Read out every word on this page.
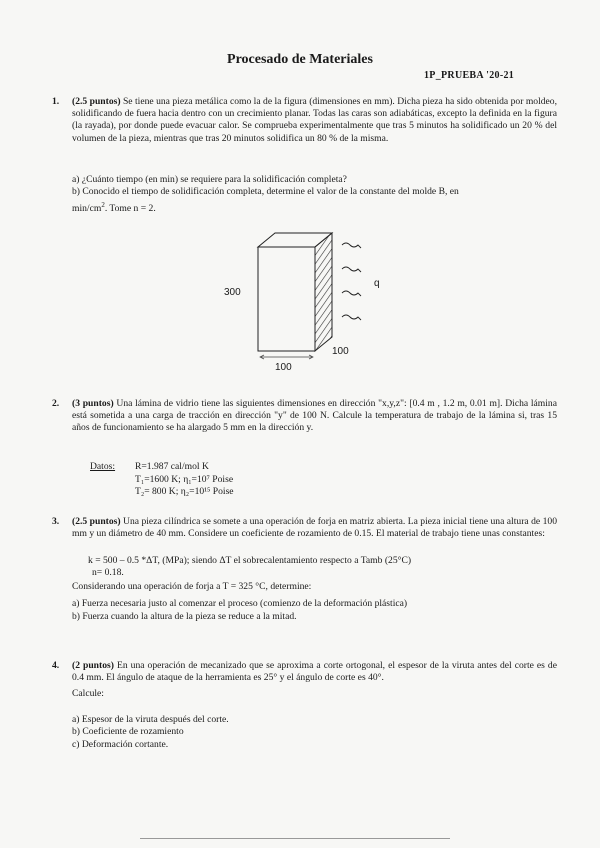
Procesado de Materiales
1P_PRUEBA '20-21
1. (2.5 puntos) Se tiene una pieza metálica como la de la figura (dimensiones en mm). Dicha pieza ha sido obtenida por moldeo, solidificando de fuera hacia dentro con un crecimiento planar. Todas las caras son adiabáticas, excepto la definida en la figura (la rayada), por donde puede evacuar calor. Se comprueba experimentalmente que tras 5 minutos ha solidificado un 20 % del volumen de la pieza, mientras que tras 20 minutos solidifica un 80 % de la misma.
a) ¿Cuánto tiempo (en min) se requiere para la solidificación completa?
b) Conocido el tiempo de solidificación completa, determine el valor de la constante del molde B, en
$\min/cm^2$. Tome n = 2.
300
100
100
q
2. (3 puntos) Una lámina de vidrio tiene las siguientes dimensiones en dirección "x,y,z": [0.4 m , 1.2 m, 0.01 m]. Dicha lámina está sometida a una carga de tracción en dirección "y" de 100 N. Calcule la temperatura de trabajo de la lámina si, tras 15 años de funcionamiento se ha alargado 5 mm en la dirección y.
Datos: R=1.987 cal/mol K
T₁=1600 K; η₁=10⁷ Poise
T₂= 800 K; η₂=10¹⁵ Poise
3. (2.5 puntos) Una pieza cilíndrica se somete a una operación de forja en matriz abierta. La pieza inicial tiene una altura de 100 mm y un diámetro de 40 mm. Considere un coeficiente de rozamiento de 0.15. El material de trabajo tiene unas constantes:
k = 500 – 0.5 *ΔT, (MPa); siendo ΔT el sobrecalentamiento respecto a Tamb (25°C)
n= 0.18.
Considerando una operación de forja a T = 325 °C, determine:
a) Fuerza necesaria justo al comenzar el proceso (comienzo de la deformación plástica)
b) Fuerza cuando la altura de la pieza se reduce a la mitad.
4. (2 puntos) En una operación de mecanizado que se aproxima a corte ortogonal, el espesor de la viruta antes del corte es de 0.4 mm. El ángulo de ataque de la herramienta es 25° y el ángulo de corte es 40°.
Calcule:
a) Espesor de la viruta después del corte.
b) Coeficiente de rozamiento
c) Deformación cortante.
